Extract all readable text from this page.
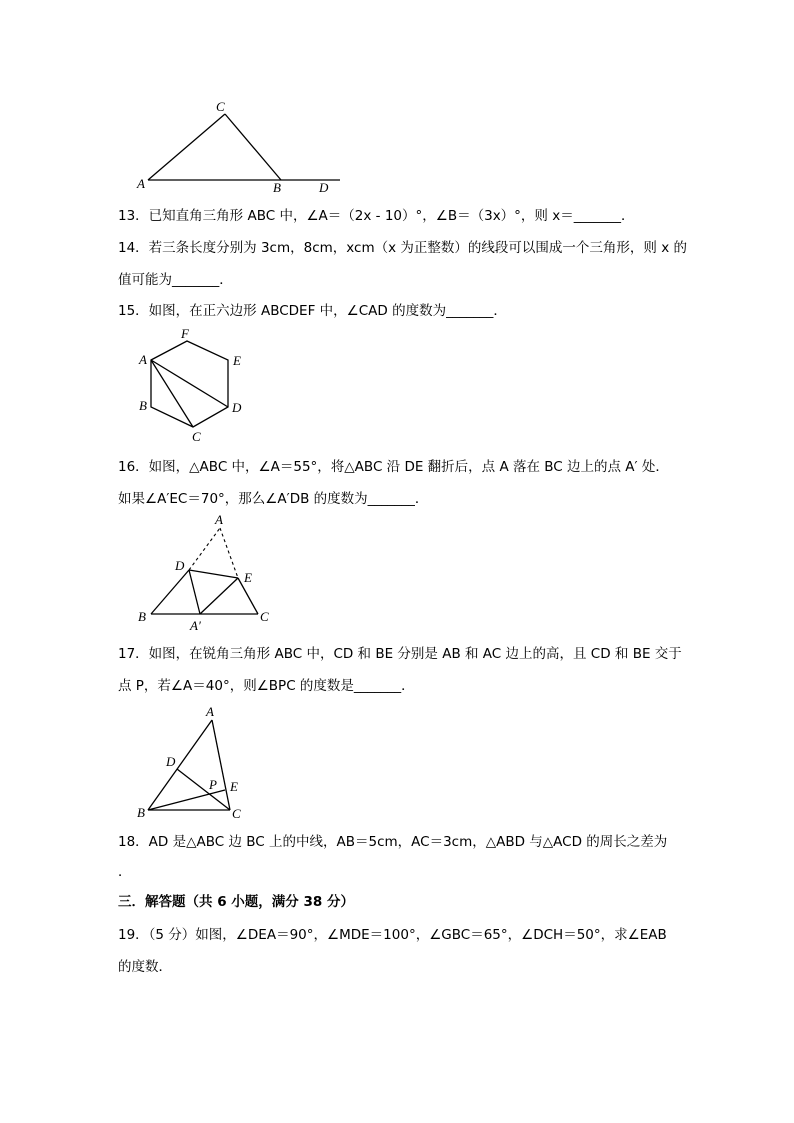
C
A	B	D
13．已知直角三角形 ABC 中，∠A＝（2x - 10）°，∠B＝（3x）°，则 x＝_______．
14．若三条长度分别为 3cm，8cm，xcm（x 为正整数）的线段可以围成一个三角形，则 x 的
值可能为_______．
15．如图，在正六边形 ABCDEF 中，∠CAD 的度数为_______．
F
A	E
B	D
C
16．如图，△ABC 中，∠A＝55°，将△ABC 沿 DE 翻折后，点 A 落在 BC 边上的点 A′ 处．
如果∠A′EC＝70°，那么∠A′DB 的度数为_______．
A
D
E
B	C
A′
17．如图，在锐角三角形 ABC 中，CD 和 BE 分别是 AB 和 AC 边上的高，且 CD 和 BE 交于
点 P，若∠A＝40°，则∠BPC 的度数是_______．
A
D
P E
B	C
18．AD 是△ABC 边 BC 上的中线，AB＝5cm，AC＝3cm，△ABD 与△ACD 的周长之差为
．
三．解答题（共 6 小题，满分 38 分）
19．（5 分）如图，∠DEA＝90°，∠MDE＝100°，∠GBC＝65°，∠DCH＝50°，求∠EAB
的度数．
